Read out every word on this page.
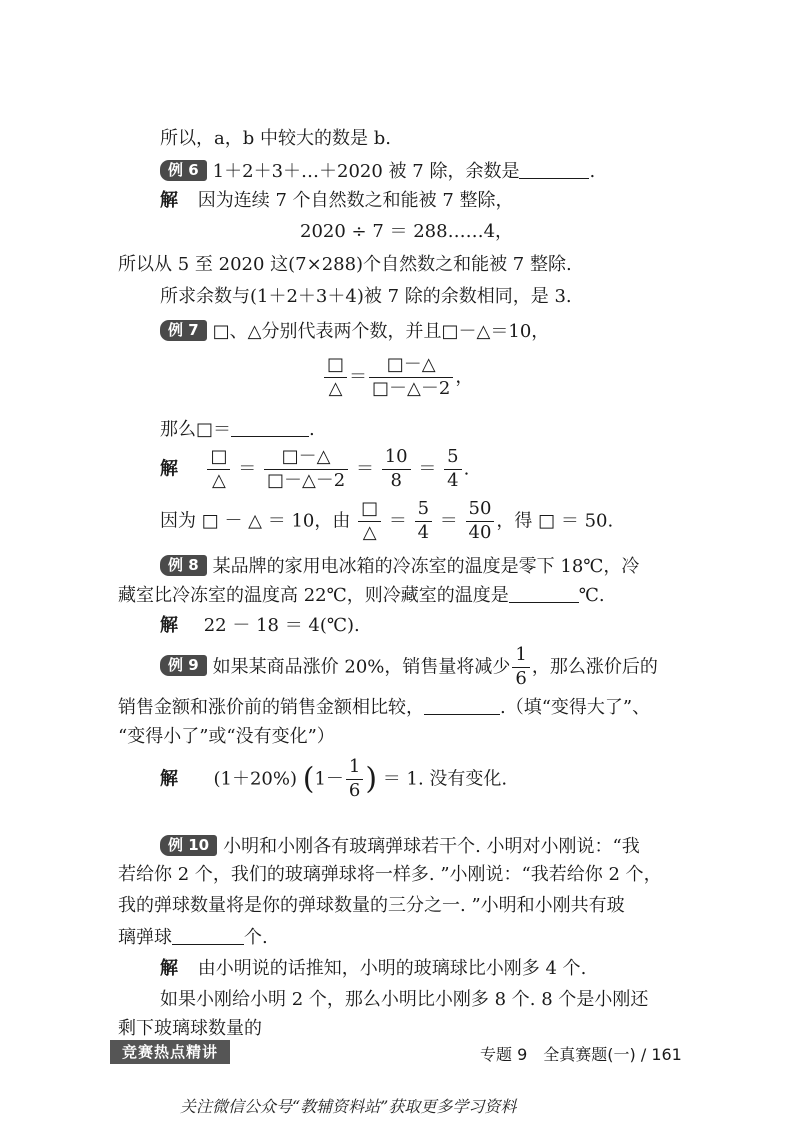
所以，a，b 中较大的数是 b.
例 6 1＋2＋3＋…＋2020 被 7 除，余数是	.
解 因为连续 7 个自然数之和能被 7 整除，
2020 ÷ 7 ＝ 288……4，
所以从 5 至 2020 这(7×288)个自然数之和能被 7 整除.
所求余数与(1＋2＋3＋4)被 7 除的余数相同，是 3.
例 7 □、△分别代表两个数，并且□－△＝10，
$\frac{□}{\triangle} = \frac{□-\triangle}{□-\triangle-2}$ ，
那么□＝	.
解 $\frac{□}{\triangle} = \frac{□-\triangle}{□-\triangle-2} = \frac{10}{8} = \frac{5}{4}$ .
因为 □ － △ ＝ 10，由 $\frac{□}{\triangle} = \frac{5}{4} = \frac{50}{40}$ ，得 □ ＝ 50.
例 8 某品牌的家用电冰箱的冷冻室的温度是零下 18℃，冷
藏室比冷冻室的温度高 22℃，则冷藏室的温度是	℃.
解 22 － 18 ＝ 4(℃).
例 9 如果某商品涨价 20%，销售量将减少 $\frac{1}{6}$ ，那么涨价后的
销售金额和涨价前的销售金额相比较，	.（填“变得大了”、
“变得小了”或“没有变化”）
解 (1＋20%) ($1- \frac{1}{6}$ ) ＝ 1. 没有变化.
例 10 小明和小刚各有玻璃弹球若干个. 小明对小刚说：“我
若给你 2 个，我们的玻璃弹球将一样多. ”小刚说：“我若给你 2 个，
我的弹球数量将是你的弹球数量的三分之一. ”小明和小刚共有玻
璃弹球	个.
解 由小明说的话推知，小明的玻璃球比小刚多 4 个.
如果小刚给小明 2 个，那么小明比小刚多 8 个. 8 个是小刚还
剩下玻璃球数量的
竞赛热点精讲	专题 9　全真赛题(一) / 161
关注微信公众号“教辅资料站”获取更多学习资料
